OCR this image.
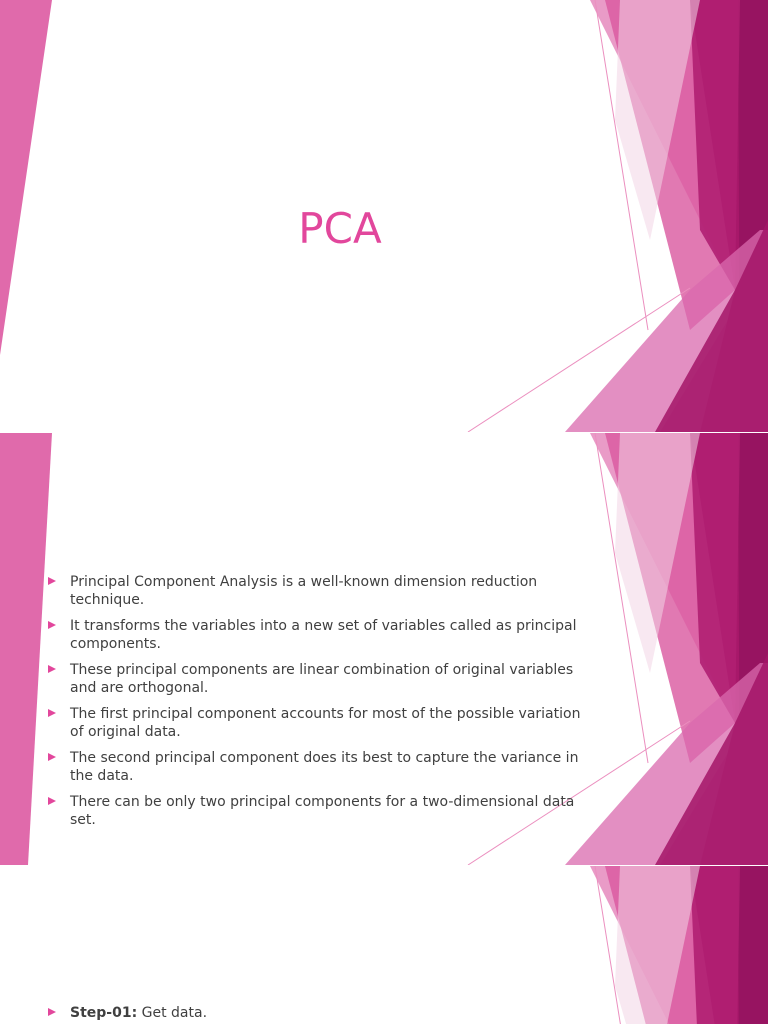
PCA
Principal Component Analysis is a well-known dimension reduction technique.
It transforms the variables into a new set of variables called as principal components.
These principal components are linear combination of original variables and are orthogonal.
The first principal component accounts for most of the possible variation of original data.
The second principal component does its best to capture the variance in the data.
There can be only two principal components for a two-dimensional data set.
Step-01: Get data.
